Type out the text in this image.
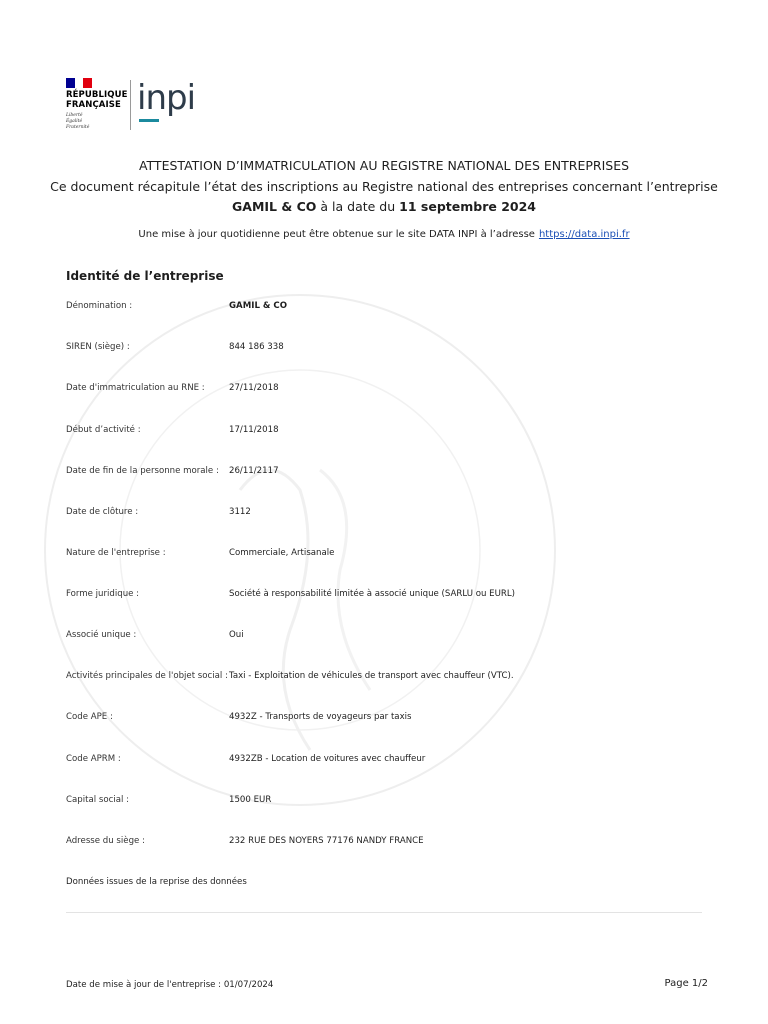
RÉPUBLIQUE
FRANÇAISE
Liberté
Égalité
Fraternité
inpi
ATTESTATION D’IMMATRICULATION AU REGISTRE NATIONAL DES ENTREPRISES
Ce document récapitule l’état des inscriptions au Registre national des entreprises concernant l’entreprise
GAMIL & CO à la date du 11 septembre 2024
Une mise à jour quotidienne peut être obtenue sur le site DATA INPI à l’adresse https://data.inpi.fr
Identité de l’entreprise
Dénomination :	GAMIL & CO
SIREN (siège) :	844 186 338
Date d'immatriculation au RNE :	27/11/2018
Début d’activité :	17/11/2018
Date de fin de la personne morale :	26/11/2117
Date de clôture :	3112
Nature de l'entreprise :	Commerciale, Artisanale
Forme juridique :	Société à responsabilité limitée à associé unique (SARLU ou EURL)
Associé unique :	Oui
Activités principales de l'objet social : Taxi - Exploitation de véhicules de transport avec chauffeur (VTC).
Code APE :	4932Z - Transports de voyageurs par taxis
Code APRM :	4932ZB - Location de voitures avec chauffeur
Capital social :	1500 EUR
Adresse du siège :	232 RUE DES NOYERS 77176 NANDY FRANCE
Données issues de la reprise des données
Date de mise à jour de l'entreprise : 01/07/2024	Page 1/2
